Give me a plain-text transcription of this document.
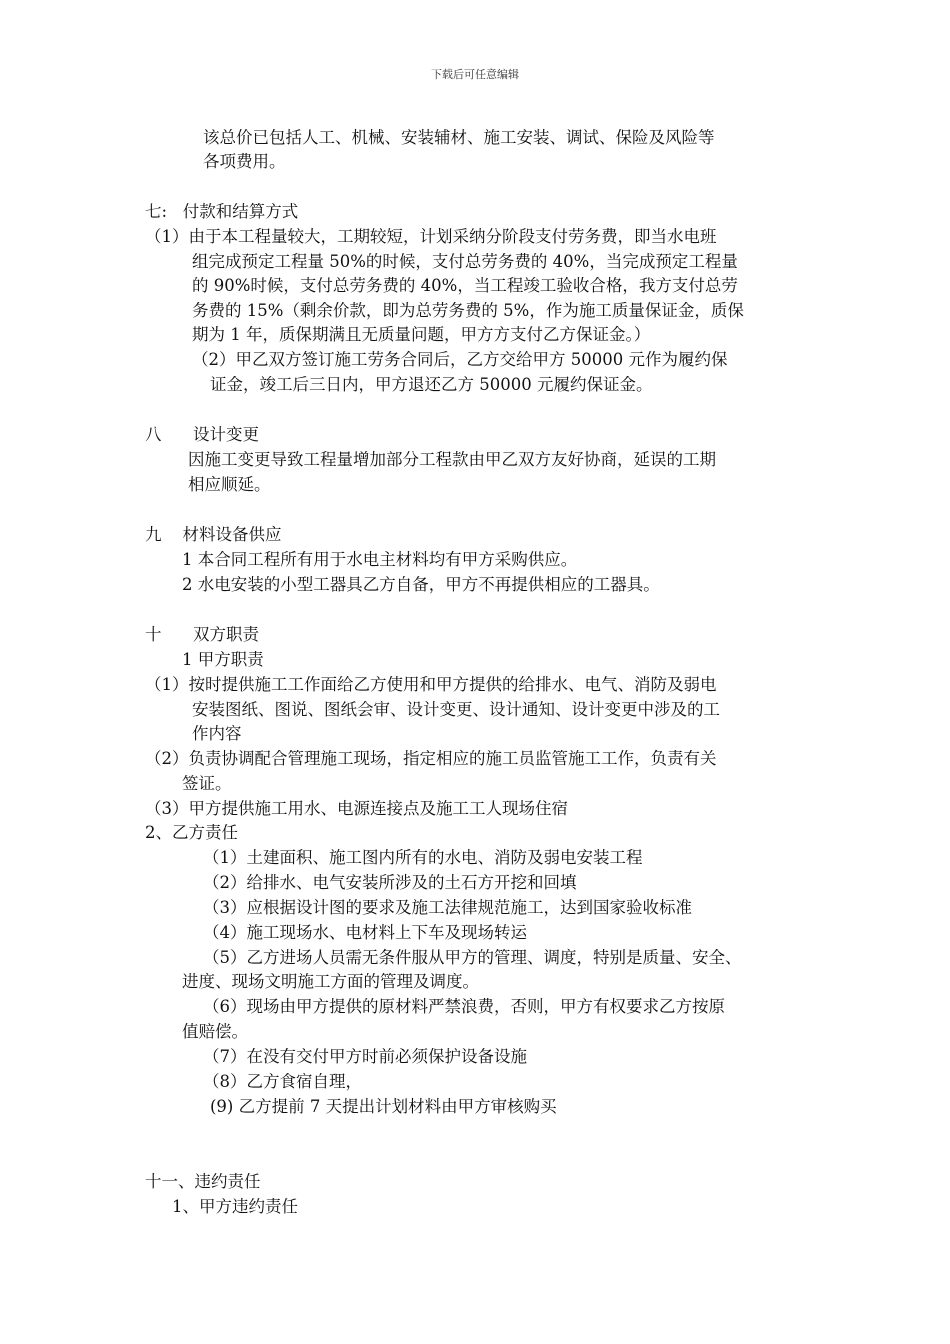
下载后可任意编辑
该总价已包括人工、机械、安装辅材、施工安装、调试、保险及风险等
各项费用。
七:   付款和结算方式
（1）由于本工程量较大，工期较短，计划采纳分阶段支付劳务费，即当水电班
组完成预定工程量 50%的时候，支付总劳务费的 40%，当完成预定工程量
的 90%时候，支付总劳务费的 40%，当工程竣工验收合格，我方支付总劳
务费的 15%（剩余价款，即为总劳务费的 5%，作为施工质量保证金，质保
期为 1 年，质保期满且无质量问题，甲方方支付乙方保证金。）
（2）甲乙双方签订施工劳务合同后，乙方交给甲方 50000 元作为履约保
证金，竣工后三日内，甲方退还乙方 50000 元履约保证金。
八      设计变更
因施工变更导致工程量增加部分工程款由甲乙双方友好协商，延误的工期
相应顺延。
九    材料设备供应
1 本合同工程所有用于水电主材料均有甲方采购供应。
2 水电安装的小型工器具乙方自备，甲方不再提供相应的工器具。
十      双方职责
1 甲方职责
（1）按时提供施工工作面给乙方使用和甲方提供的给排水、电气、消防及弱电
安装图纸、图说、图纸会审、设计变更、设计通知、设计变更中涉及的工
作内容
（2）负责协调配合管理施工现场，指定相应的施工员监管施工工作，负责有关
签证。
（3）甲方提供施工用水、电源连接点及施工工人现场住宿
2、乙方责任
（1）土建面积、施工图内所有的水电、消防及弱电安装工程
（2）给排水、电气安装所涉及的土石方开挖和回填
（3）应根据设计图的要求及施工法律规范施工，达到国家验收标准
（4）施工现场水、电材料上下车及现场转运
（5）乙方进场人员需无条件服从甲方的管理、调度，特别是质量、安全、
进度、现场文明施工方面的管理及调度。
（6）现场由甲方提供的原材料严禁浪费，否则，甲方有权要求乙方按原
值赔偿。
（7）在没有交付甲方时前必须保护设备设施
（8）乙方食宿自理，
(9) 乙方提前 7 天提出计划材料由甲方审核购买
十一、违约责任
1、甲方违约责任
